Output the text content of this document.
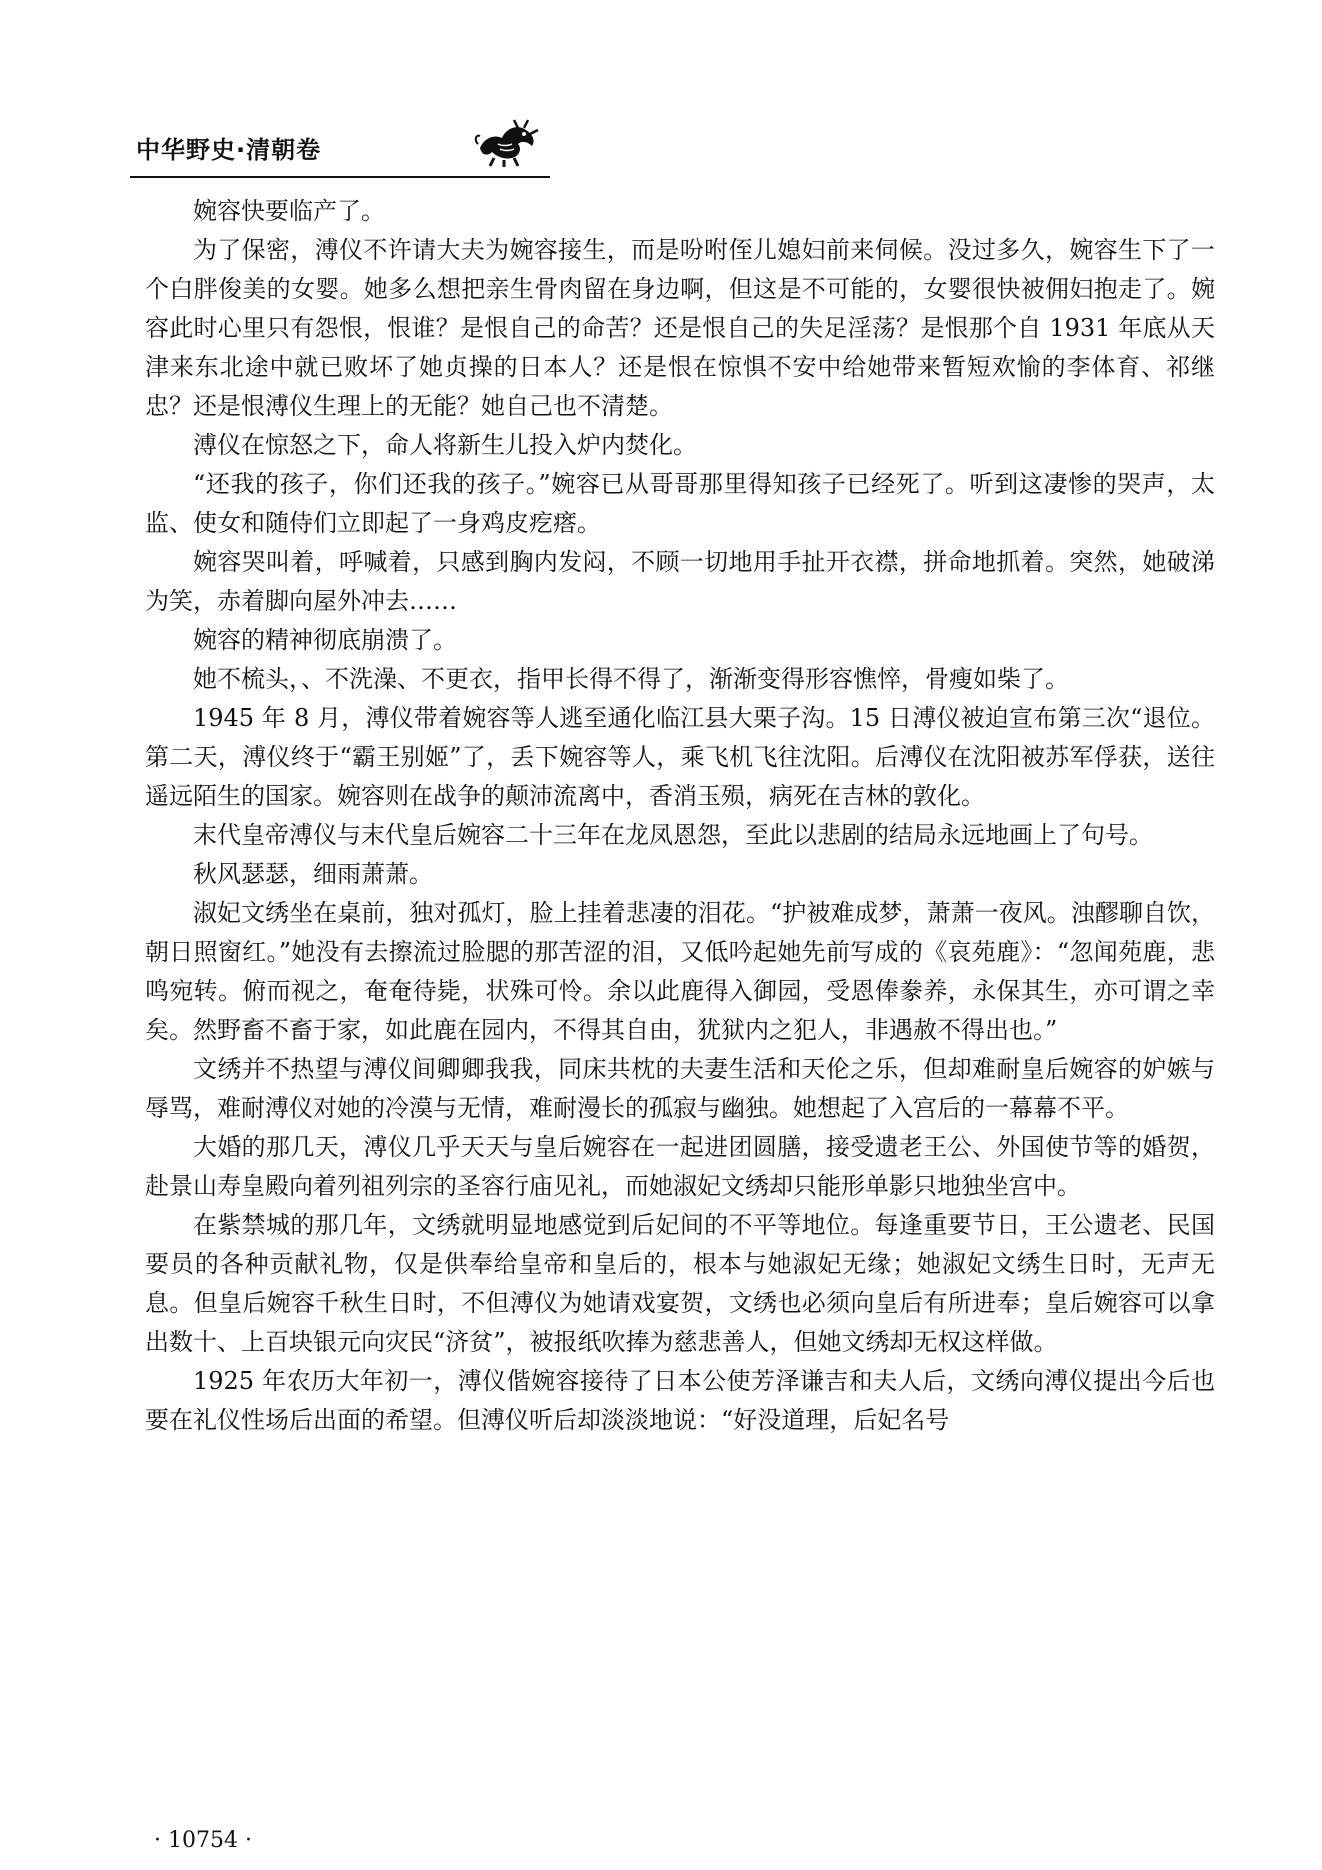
中华野史·清朝卷

婉容快要临产了。

为了保密，溥仪不许请大夫为婉容接生，而是吩咐侄儿媳妇前来伺候。没过多久，婉容生下了一个白胖俊美的女婴。她多么想把亲生骨肉留在身边啊，但这是不可能的，女婴很快被佣妇抱走了。婉容此时心里只有怨恨，恨谁？是恨自己的命苦？还是恨自己的失足淫荡？是恨那个自 1931 年底从天津来东北途中就已败坏了她贞操的日本人？还是恨在惊惧不安中给她带来暂短欢愉的李体育、祁继忠？还是恨溥仪生理上的无能？她自己也不清楚。

溥仪在惊怒之下，命人将新生儿投入炉内焚化。

“还我的孩子，你们还我的孩子。”婉容已从哥哥那里得知孩子已经死了。听到这凄惨的哭声，太监、使女和随侍们立即起了一身鸡皮疙瘩。

婉容哭叫着，呼喊着，只感到胸内发闷，不顾一切地用手扯开衣襟，拼命地抓着。突然，她破涕为笑，赤着脚向屋外冲去……

婉容的精神彻底崩溃了。

她不梳头，、不洗澡、不更衣，指甲长得不得了，渐渐变得形容憔悴，骨瘦如柴了。

1945 年 8 月，溥仪带着婉容等人逃至通化临江县大栗子沟。15 日溥仪被迫宣布第三次“退位。第二天，溥仪终于“霸王别姬”了，丢下婉容等人，乘飞机飞往沈阳。后溥仪在沈阳被苏军俘获，送往遥远陌生的国家。婉容则在战争的颠沛流离中，香消玉殒，病死在吉林的敦化。

末代皇帝溥仪与末代皇后婉容二十三年在龙凤恩怨，至此以悲剧的结局永远地画上了句号。

秋风瑟瑟，细雨萧萧。

淑妃文绣坐在桌前，独对孤灯，脸上挂着悲凄的泪花。“护被难成梦，萧萧一夜风。浊醪聊自饮，朝日照窗红。”她没有去擦流过脸腮的那苦涩的泪，又低吟起她先前写成的《哀苑鹿》：“忽闻苑鹿，悲鸣宛转。俯而视之，奄奄待毙，状殊可怜。余以此鹿得入御园，受恩俸豢养，永保其生，亦可谓之幸矣。然野畜不畜于家，如此鹿在园内，不得其自由，犹狱内之犯人，非遇赦不得出也。”

文绣并不热望与溥仪间卿卿我我，同床共枕的夫妻生活和天伦之乐，但却难耐皇后婉容的妒嫉与辱骂，难耐溥仪对她的冷漠与无情，难耐漫长的孤寂与幽独。她想起了入宫后的一幕幕不平。

大婚的那几天，溥仪几乎天天与皇后婉容在一起进团圆膳，接受遗老王公、外国使节等的婚贺，赴景山寿皇殿向着列祖列宗的圣容行庙见礼，而她淑妃文绣却只能形单影只地独坐宫中。

在紫禁城的那几年，文绣就明显地感觉到后妃间的不平等地位。每逢重要节日，王公遗老、民国要员的各种贡献礼物，仅是供奉给皇帝和皇后的，根本与她淑妃无缘；她淑妃文绣生日时，无声无息。但皇后婉容千秋生日时，不但溥仪为她请戏宴贺，文绣也必须向皇后有所进奉；皇后婉容可以拿出数十、上百块银元向灾民“济贫”，被报纸吹捧为慈悲善人，但她文绣却无权这样做。

1925 年农历大年初一，溥仪偕婉容接待了日本公使芳泽谦吉和夫人后，文绣向溥仪提出今后也要在礼仪性场后出面的希望。但溥仪听后却淡淡地说：“好没道理，后妃名号

· 10754 ·
